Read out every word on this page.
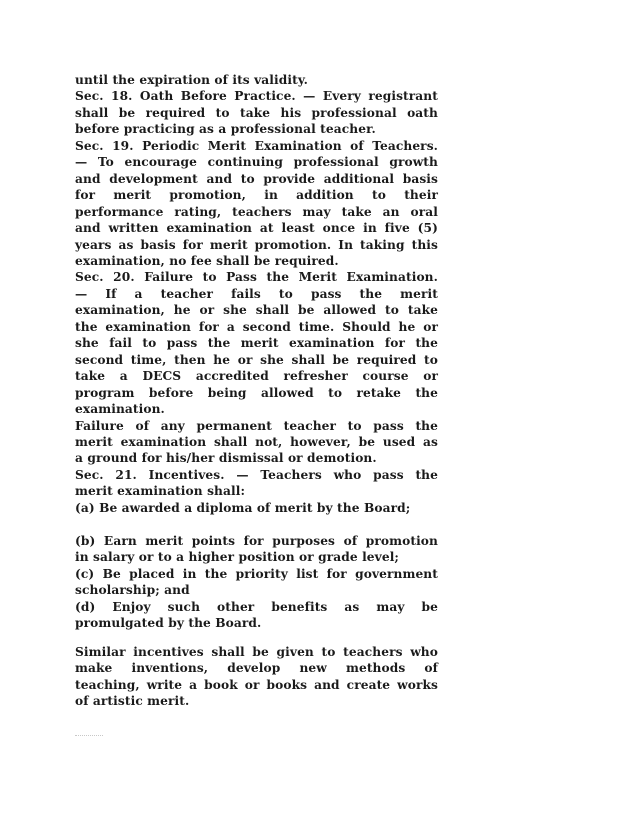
until the expiration of its validity.
Sec. 18. Oath Before Practice. — Every registrant
shall be required to take his professional oath
before practicing as a professional teacher.
Sec. 19. Periodic Merit Examination of Teachers.
— To encourage continuing professional growth
and development and to provide additional basis
for merit promotion, in addition to their
performance rating, teachers may take an oral
and written examination at least once in five (5)
years as basis for merit promotion. In taking this
examination, no fee shall be required.
Sec. 20. Failure to Pass the Merit Examination.
— If a teacher fails to pass the merit
examination, he or she shall be allowed to take
the examination for a second time. Should he or
she fail to pass the merit examination for the
second time, then he or she shall be required to
take a DECS accredited refresher course or
program before being allowed to retake the
examination.
Failure of any permanent teacher to pass the
merit examination shall not, however, be used as
a ground for his/her dismissal or demotion.
Sec. 21. Incentives. — Teachers who pass the
merit examination shall:
(a) Be awarded a diploma of merit by the Board;
(b) Earn merit points for purposes of promotion
in salary or to a higher position or grade level;
(c) Be placed in the priority list for government
scholarship; and
(d) Enjoy such other benefits as may be
promulgated by the Board.
Similar incentives shall be given to teachers who
make inventions, develop new methods of
teaching, write a book or books and create works
of artistic merit.
